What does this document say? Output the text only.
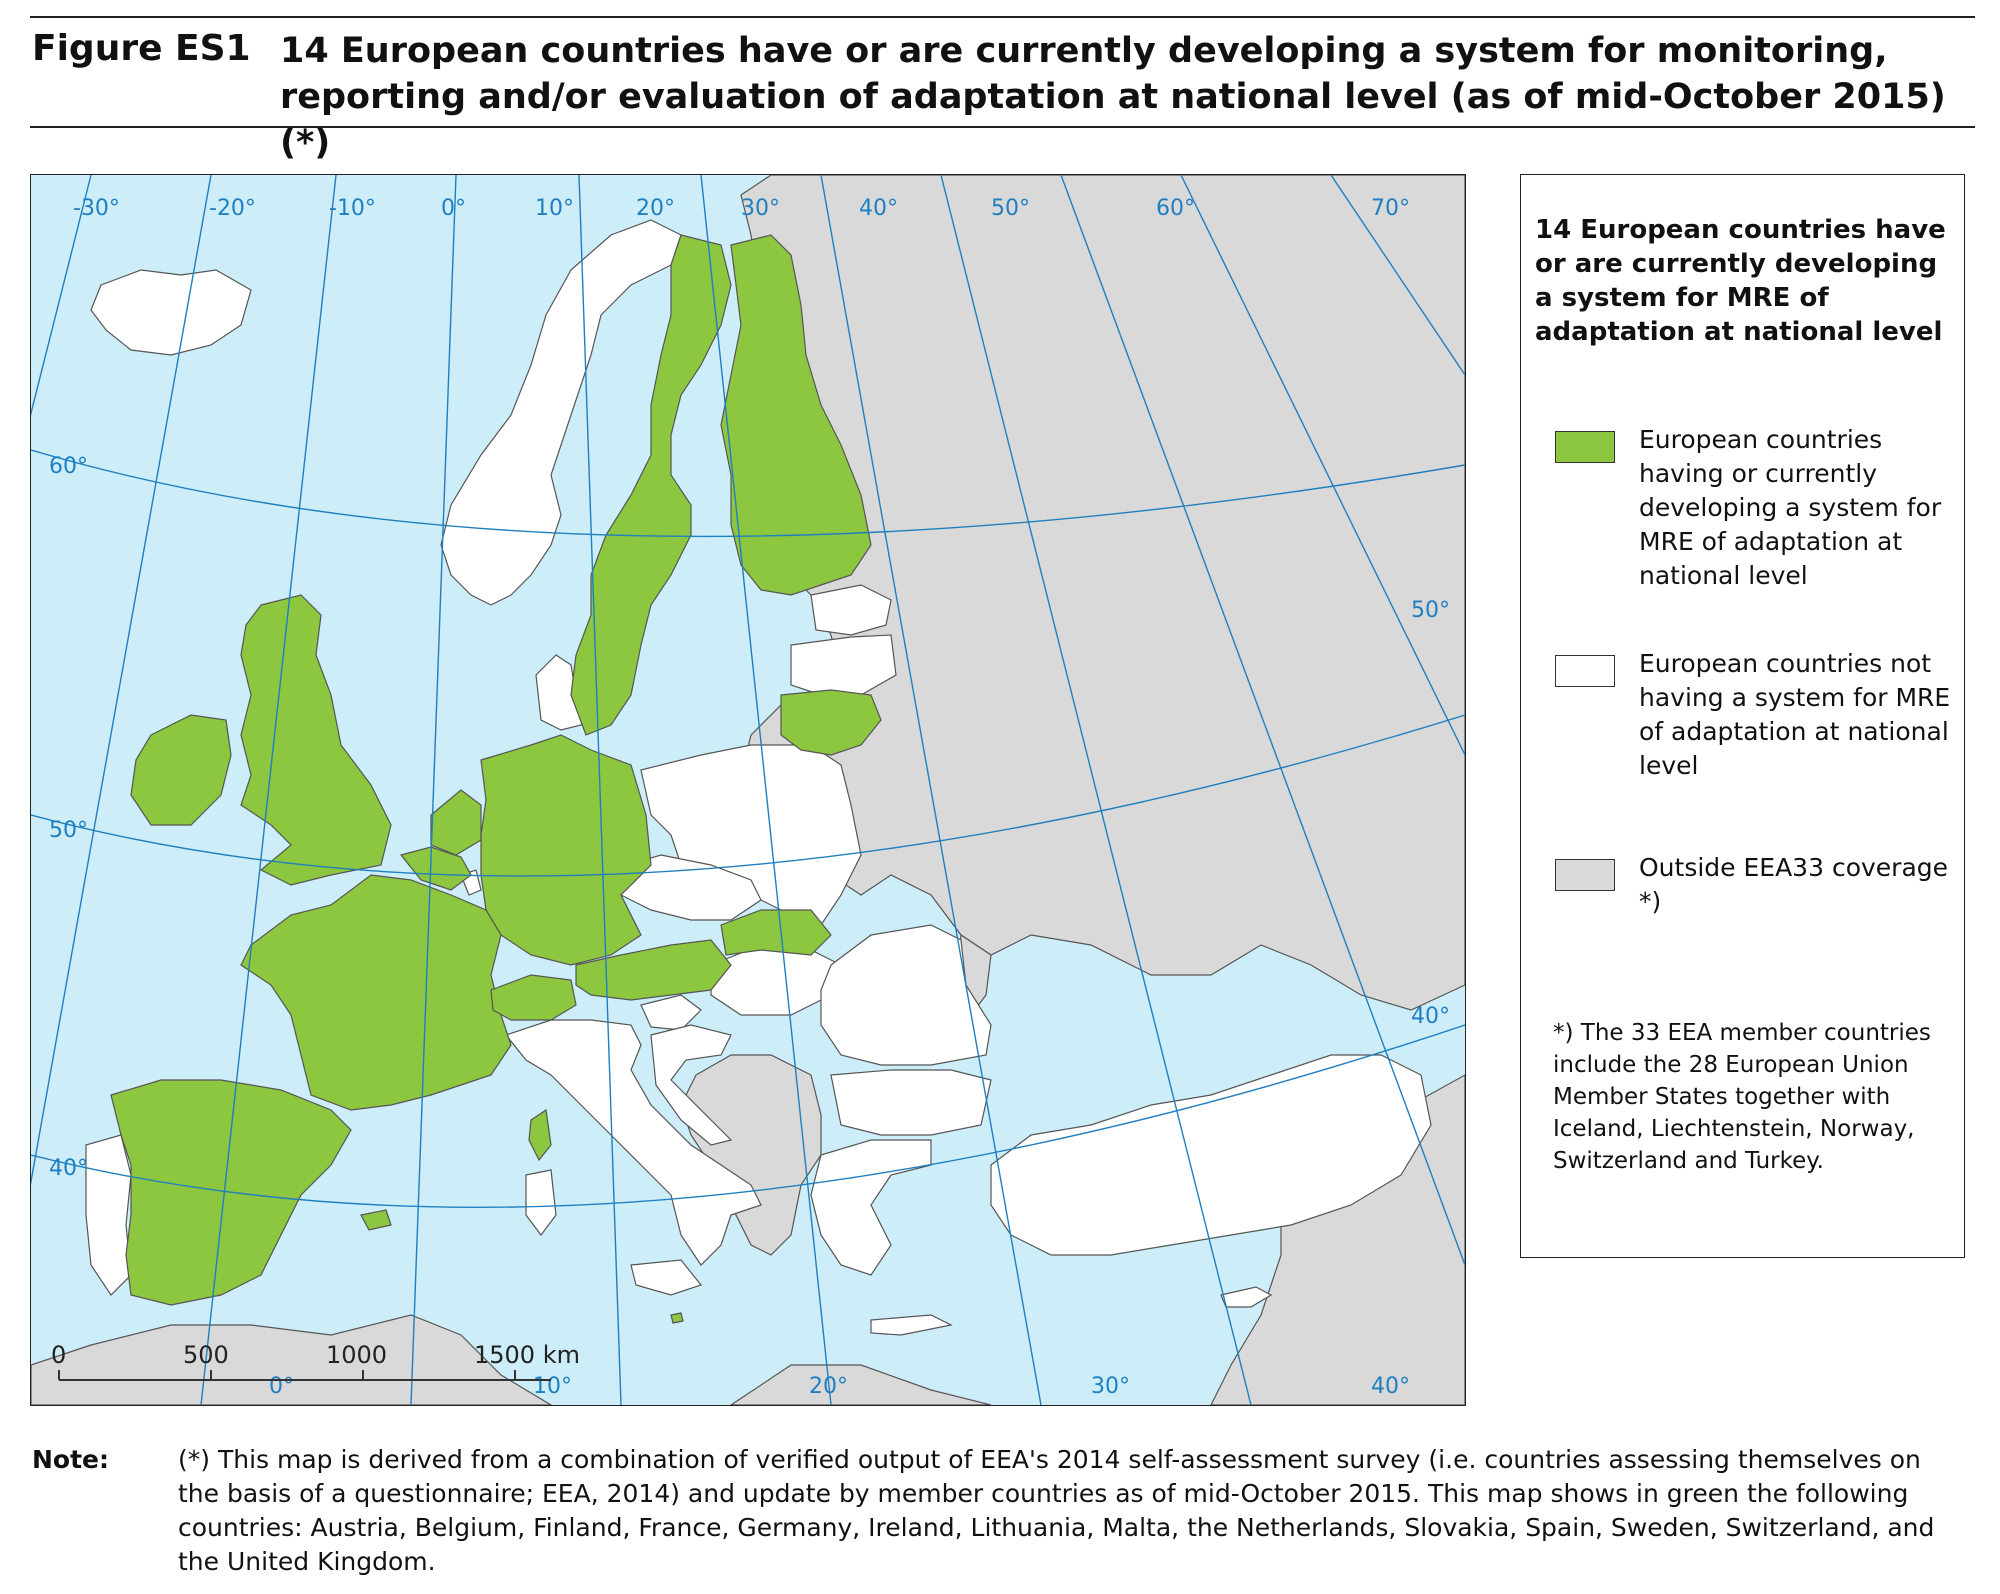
Figure ES1 14 European countries have or are currently developing a system for monitoring, reporting and/or evaluation of adaptation at national level (as of mid-October 2015) (*)
-30°	-20°	-10°	0°	10°	20°	30°	40°	50°	60°	70°
60°
50°
40°
50°
40°
0°	10°	20°	30°	40°
0	500	1000	1500 km
14 European countries have or are currently developing a system for MRE of adaptation at national level
European countries having or currently developing a system for MRE of adaptation at national level
European countries not having a system for MRE of adaptation at national level
Outside EEA33 coverage *)
*) The 33 EEA member countries include the 28 European Union Member States together with Iceland, Liechtenstein, Norway, Switzerland and Turkey.
Note:	(*) This map is derived from a combination of verified output of EEA's 2014 self-assessment survey (i.e. countries assessing themselves on the basis of a questionnaire; EEA, 2014) and update by member countries as of mid-October 2015. This map shows in green the following countries: Austria, Belgium, Finland, France, Germany, Ireland, Lithuania, Malta, the Netherlands, Slovakia, Spain, Sweden, Switzerland, and the United Kingdom.
